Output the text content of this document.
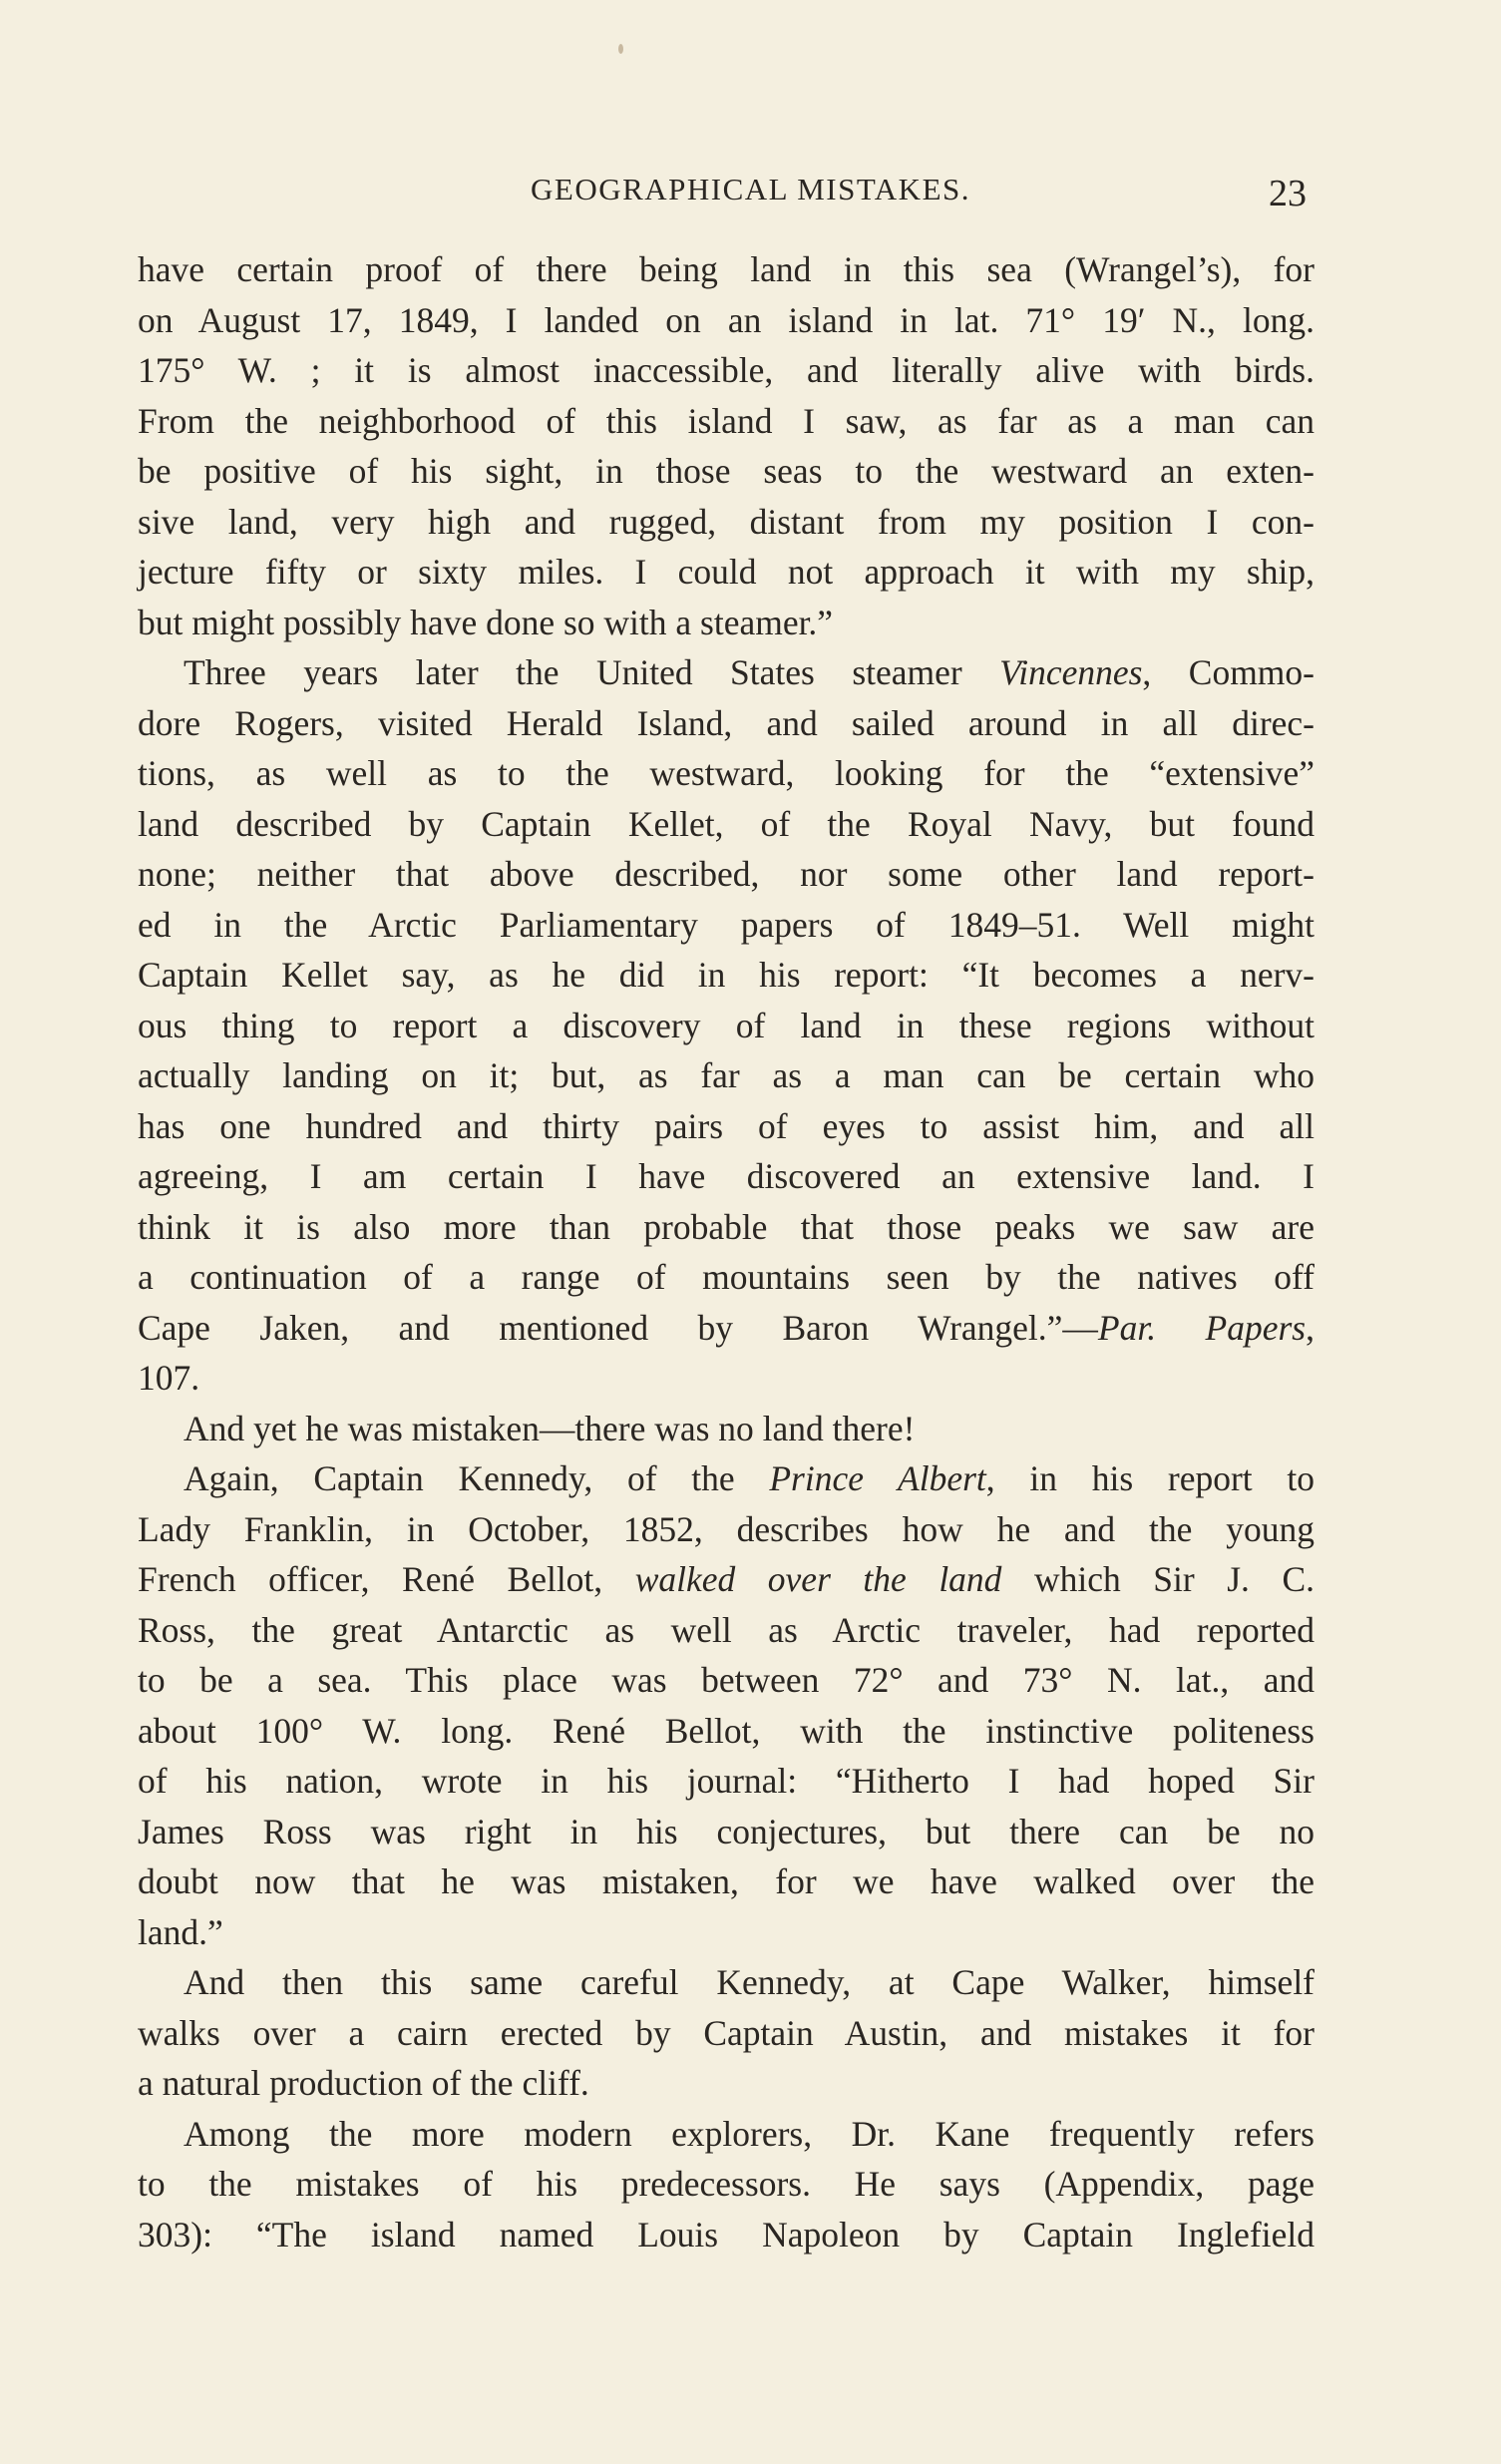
GEOGRAPHICAL MISTAKES.	23
have certain proof of there being land in this sea (Wrangel’s), for
on August 17, 1849, I landed on an island in lat. 71° 19′ N., long.
175° W. ; it is almost inaccessible, and literally alive with birds.
From the neighborhood of this island I saw, as far as a man can
be positive of his sight, in those seas to the westward an exten-
sive land, very high and rugged, distant from my position I con-
jecture fifty or sixty miles. I could not approach it with my ship,
but might possibly have done so with a steamer.”
Three years later the United States steamer Vincennes, Commo-
dore Rogers, visited Herald Island, and sailed around in all direc-
tions, as well as to the westward, looking for the “extensive”
land described by Captain Kellet, of the Royal Navy, but found
none; neither that above described, nor some other land report-
ed in the Arctic Parliamentary papers of 1849–51. Well might
Captain Kellet say, as he did in his report: “It becomes a nerv-
ous thing to report a discovery of land in these regions without
actually landing on it; but, as far as a man can be certain who
has one hundred and thirty pairs of eyes to assist him, and all
agreeing, I am certain I have discovered an extensive land. I
think it is also more than probable that those peaks we saw are
a continuation of a range of mountains seen by the natives off
Cape Jaken, and mentioned by Baron Wrangel.”—Par. Papers,
107.
And yet he was mistaken—there was no land there!
Again, Captain Kennedy, of the Prince Albert, in his report to
Lady Franklin, in October, 1852, describes how he and the young
French officer, René Bellot, walked over the land which Sir J. C.
Ross, the great Antarctic as well as Arctic traveler, had reported
to be a sea. This place was between 72° and 73° N. lat., and
about 100° W. long. René Bellot, with the instinctive politeness
of his nation, wrote in his journal: “Hitherto I had hoped Sir
James Ross was right in his conjectures, but there can be no
doubt now that he was mistaken, for we have walked over the
land.”
And then this same careful Kennedy, at Cape Walker, himself
walks over a cairn erected by Captain Austin, and mistakes it for
a natural production of the cliff.
Among the more modern explorers, Dr. Kane frequently refers
to the mistakes of his predecessors. He says (Appendix, page
303): “The island named Louis Napoleon by Captain Inglefield
